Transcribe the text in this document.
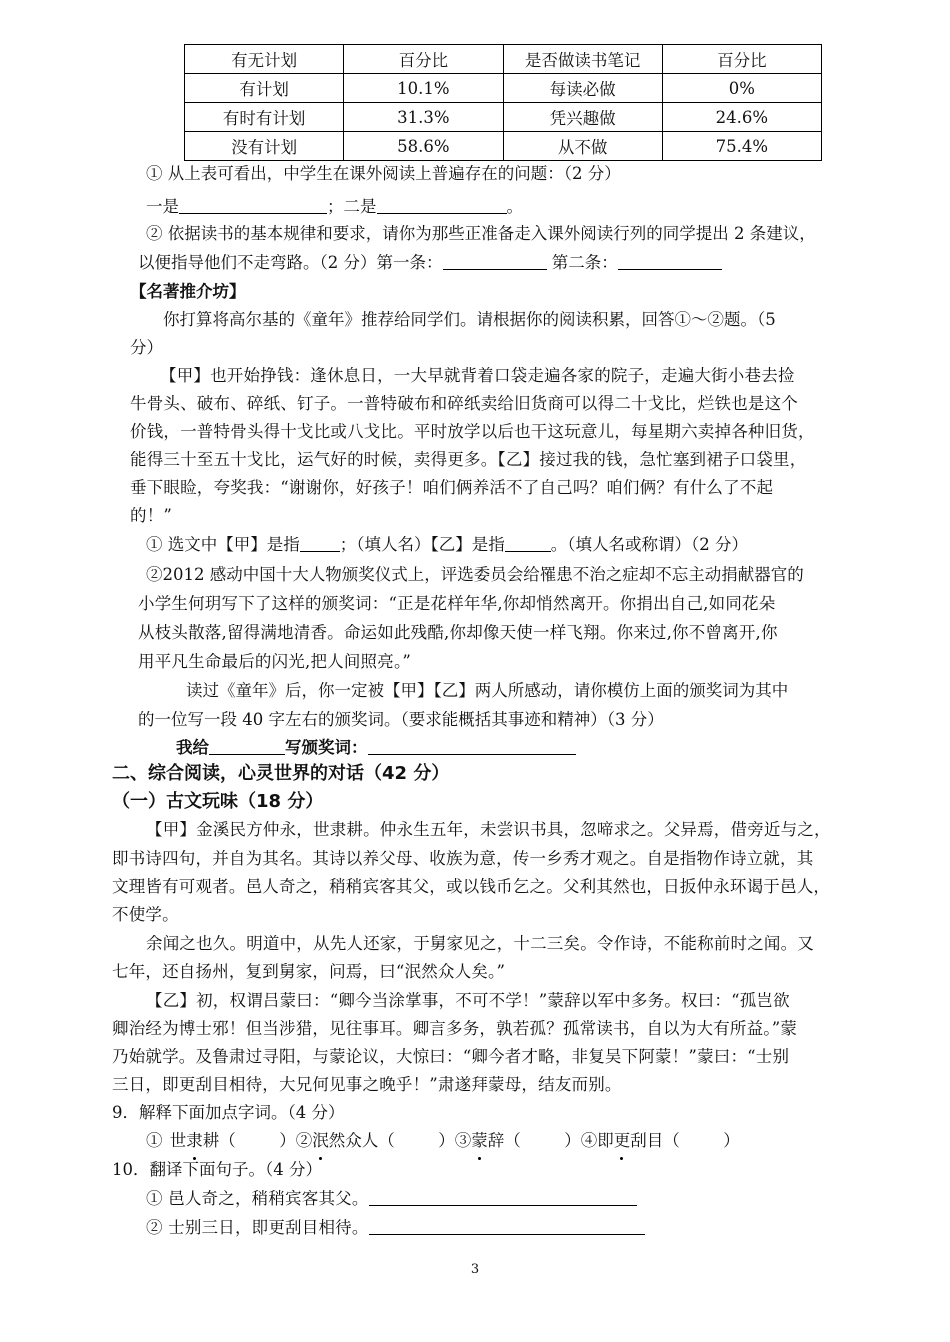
有无计划	百分比	是否做读书笔记	百分比
有计划	10.1%	每读必做	0%
有时有计划	31.3%	凭兴趣做	24.6%
没有计划	58.6%	从不做	75.4%
① 从上表可看出，中学生在课外阅读上普遍存在的问题：（2 分）
一是	；二是	。
② 依据读书的基本规律和要求，请你为那些正准备走入课外阅读行列的同学提出 2 条建议，
以便指导他们不走弯路。（2 分）第一条：	第二条：
【名著推介坊】
你打算将高尔基的《童年》推荐给同学们。请根据你的阅读积累，回答①～②题。（5
分）
【甲】也开始挣钱：逢休息日，一大早就背着口袋走遍各家的院子，走遍大街小巷去捡
牛骨头、破布、碎纸、钉子。一普特破布和碎纸卖给旧货商可以得二十戈比，烂铁也是这个
价钱，一普特骨头得十戈比或八戈比。平时放学以后也干这玩意儿，每星期六卖掉各种旧货，
能得三十至五十戈比，运气好的时候，卖得更多。【乙】接过我的钱，急忙塞到裙子口袋里，
垂下眼睑，夸奖我：“谢谢你，好孩子！咱们俩养活不了自己吗？咱们俩？有什么了不起
的！”
① 选文中【甲】是指 ；（填人名）【乙】是指	。（填人名或称谓）（2 分）
②2012 感动中国十大人物颁奖仪式上，评选委员会给罹患不治之症却不忘主动捐献器官的
小学生何玥写下了这样的颁奖词：“正是花样年华,你却悄然离开。你捐出自己,如同花朵
从枝头散落,留得满地清香。命运如此残酷,你却像天使一样飞翔。你来过,你不曾离开,你
用平凡生命最后的闪光,把人间照亮。”
读过《童年》后，你一定被【甲】【乙】两人所感动，请你模仿上面的颁奖词为其中
的一位写一段 40 字左右的颁奖词。（要求能概括其事迹和精神）（3 分）
我给	写颁奖词：
二、综合阅读，心灵世界的对话（42 分）
（一）古文玩味（18 分）
【甲】金溪民方仲永，世隶耕。仲永生五年，未尝识书具，忽啼求之。父异焉，借旁近与之，
即书诗四句，并自为其名。其诗以养父母、收族为意，传一乡秀才观之。自是指物作诗立就，其
文理皆有可观者。邑人奇之，稍稍宾客其父，或以钱币乞之。父利其然也，日扳仲永环谒于邑人，
不使学。
余闻之也久。明道中，从先人还家，于舅家见之，十二三矣。令作诗，不能称前时之闻。又
七年，还自扬州，复到舅家，问焉，曰“泯然众人矣。”
【乙】初，权谓吕蒙曰：“卿今当涂掌事，不可不学！”蒙辞以军中多务。权曰：“孤岂欲
卿治经为博士邪！但当涉猎，见往事耳。卿言多务，孰若孤？孤常读书，自以为大有所益。”蒙
乃始就学。及鲁肃过寻阳，与蒙论议，大惊曰：“卿今者才略，非复吴下阿蒙！”蒙曰：“士别
三日，即更刮目相待，大兄何见事之晚乎！”肃遂拜蒙母，结友而别。
9．解释下面加点字词。（4 分）
① 世隶耕（	）②泯然众人（	）③蒙辞（	）④即更刮目（	）
10．翻译下面句子。（4 分）
① 邑人奇之，稍稍宾客其父。
② 士别三日，即更刮目相待。
3
